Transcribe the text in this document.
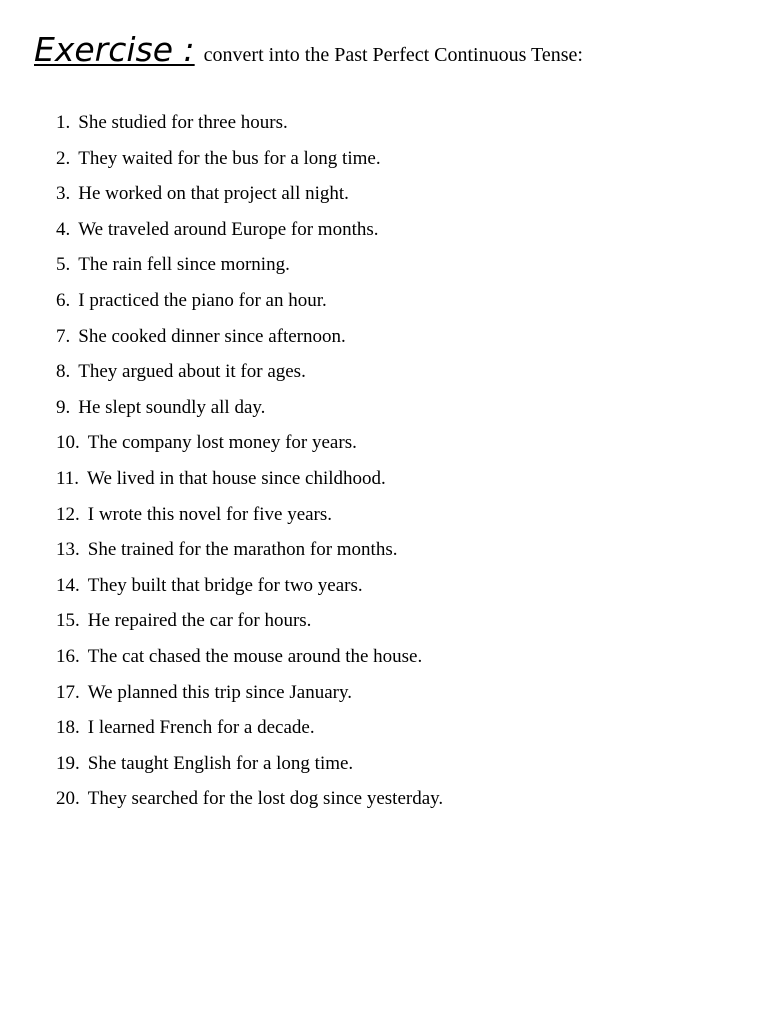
Exercise : convert into the Past Perfect Continuous Tense:
1. She studied for three hours.
2. They waited for the bus for a long time.
3. He worked on that project all night.
4. We traveled around Europe for months.
5. The rain fell since morning.
6. I practiced the piano for an hour.
7. She cooked dinner since afternoon.
8. They argued about it for ages.
9. He slept soundly all day.
10. The company lost money for years.
11. We lived in that house since childhood.
12. I wrote this novel for five years.
13. She trained for the marathon for months.
14. They built that bridge for two years.
15. He repaired the car for hours.
16. The cat chased the mouse around the house.
17. We planned this trip since January.
18. I learned French for a decade.
19. She taught English for a long time.
20. They searched for the lost dog since yesterday.
